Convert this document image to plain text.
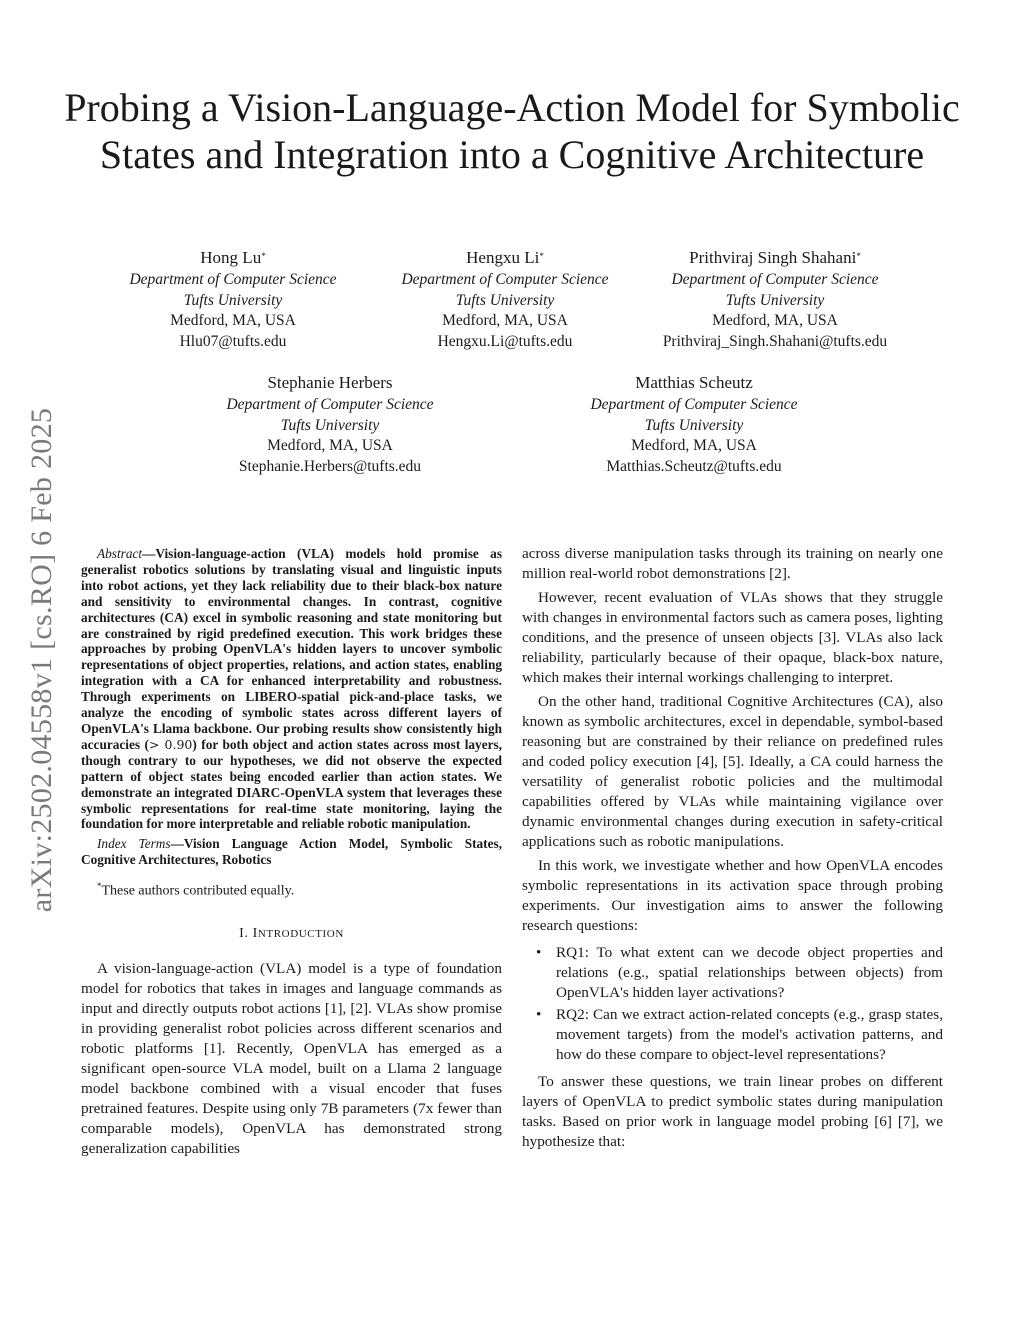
arXiv:2502.04558v1 [cs.RO] 6 Feb 2025
Probing a Vision-Language-Action Model for Symbolic States and Integration into a Cognitive Architecture
Hong Lu*
Department of Computer Science
Tufts University
Medford, MA, USA
Hlu07@tufts.edu
Hengxu Li*
Department of Computer Science
Tufts University
Medford, MA, USA
Hengxu.Li@tufts.edu
Prithviraj Singh Shahani*
Department of Computer Science
Tufts University
Medford, MA, USA
Prithviraj_Singh.Shahani@tufts.edu
Stephanie Herbers
Department of Computer Science
Tufts University
Medford, MA, USA
Stephanie.Herbers@tufts.edu
Matthias Scheutz
Department of Computer Science
Tufts University
Medford, MA, USA
Matthias.Scheutz@tufts.edu

Abstract—Vision-language-action (VLA) models hold promise as generalist robotics solutions by translating visual and linguistic inputs into robot actions, yet they lack reliability due to their black-box nature and sensitivity to environmental changes. In contrast, cognitive architectures (CA) excel in symbolic reasoning and state monitoring but are constrained by rigid predefined execution. This work bridges these approaches by probing OpenVLA's hidden layers to uncover symbolic representations of object properties, relations, and action states, enabling integration with a CA for enhanced interpretability and robustness. Through experiments on LIBERO-spatial pick-and-place tasks, we analyze the encoding of symbolic states across different layers of OpenVLA's Llama backbone. Our probing results show consistently high accuracies (> 0.90) for both object and action states across most layers, though contrary to our hypotheses, we did not observe the expected pattern of object states being encoded earlier than action states. We demonstrate an integrated DIARC-OpenVLA system that leverages these symbolic representations for real-time state monitoring, laying the foundation for more interpretable and reliable robotic manipulation.

Index Terms—Vision Language Action Model, Symbolic States, Cognitive Architectures, Robotics

*These authors contributed equally.

I. INTRODUCTION

A vision-language-action (VLA) model is a type of foundation model for robotics that takes in images and language commands as input and directly outputs robot actions [1], [2]. VLAs show promise in providing generalist robot policies across different scenarios and robotic platforms [1]. Recently, OpenVLA has emerged as a significant open-source VLA model, built on a Llama 2 language model backbone combined with a visual encoder that fuses pretrained features. Despite using only 7B parameters (7x fewer than comparable models), OpenVLA has demonstrated strong generalization capabilities

across diverse manipulation tasks through its training on nearly one million real-world robot demonstrations [2].

However, recent evaluation of VLAs shows that they struggle with changes in environmental factors such as camera poses, lighting conditions, and the presence of unseen objects [3]. VLAs also lack reliability, particularly because of their opaque, black-box nature, which makes their internal workings challenging to interpret.

On the other hand, traditional Cognitive Architectures (CA), also known as symbolic architectures, excel in dependable, symbol-based reasoning but are constrained by their reliance on predefined rules and coded policy execution [4], [5]. Ideally, a CA could harness the versatility of generalist robotic policies and the multimodal capabilities offered by VLAs while maintaining vigilance over dynamic environmental changes during execution in safety-critical applications such as robotic manipulations.

In this work, we investigate whether and how OpenVLA encodes symbolic representations in its activation space through probing experiments. Our investigation aims to answer the following research questions:

• RQ1: To what extent can we decode object properties and relations (e.g., spatial relationships between objects) from OpenVLA's hidden layer activations?
• RQ2: Can we extract action-related concepts (e.g., grasp states, movement targets) from the model's activation patterns, and how do these compare to object-level representations?

To answer these questions, we train linear probes on different layers of OpenVLA to predict symbolic states during manipulation tasks. Based on prior work in language model probing [6] [7], we hypothesize that:
